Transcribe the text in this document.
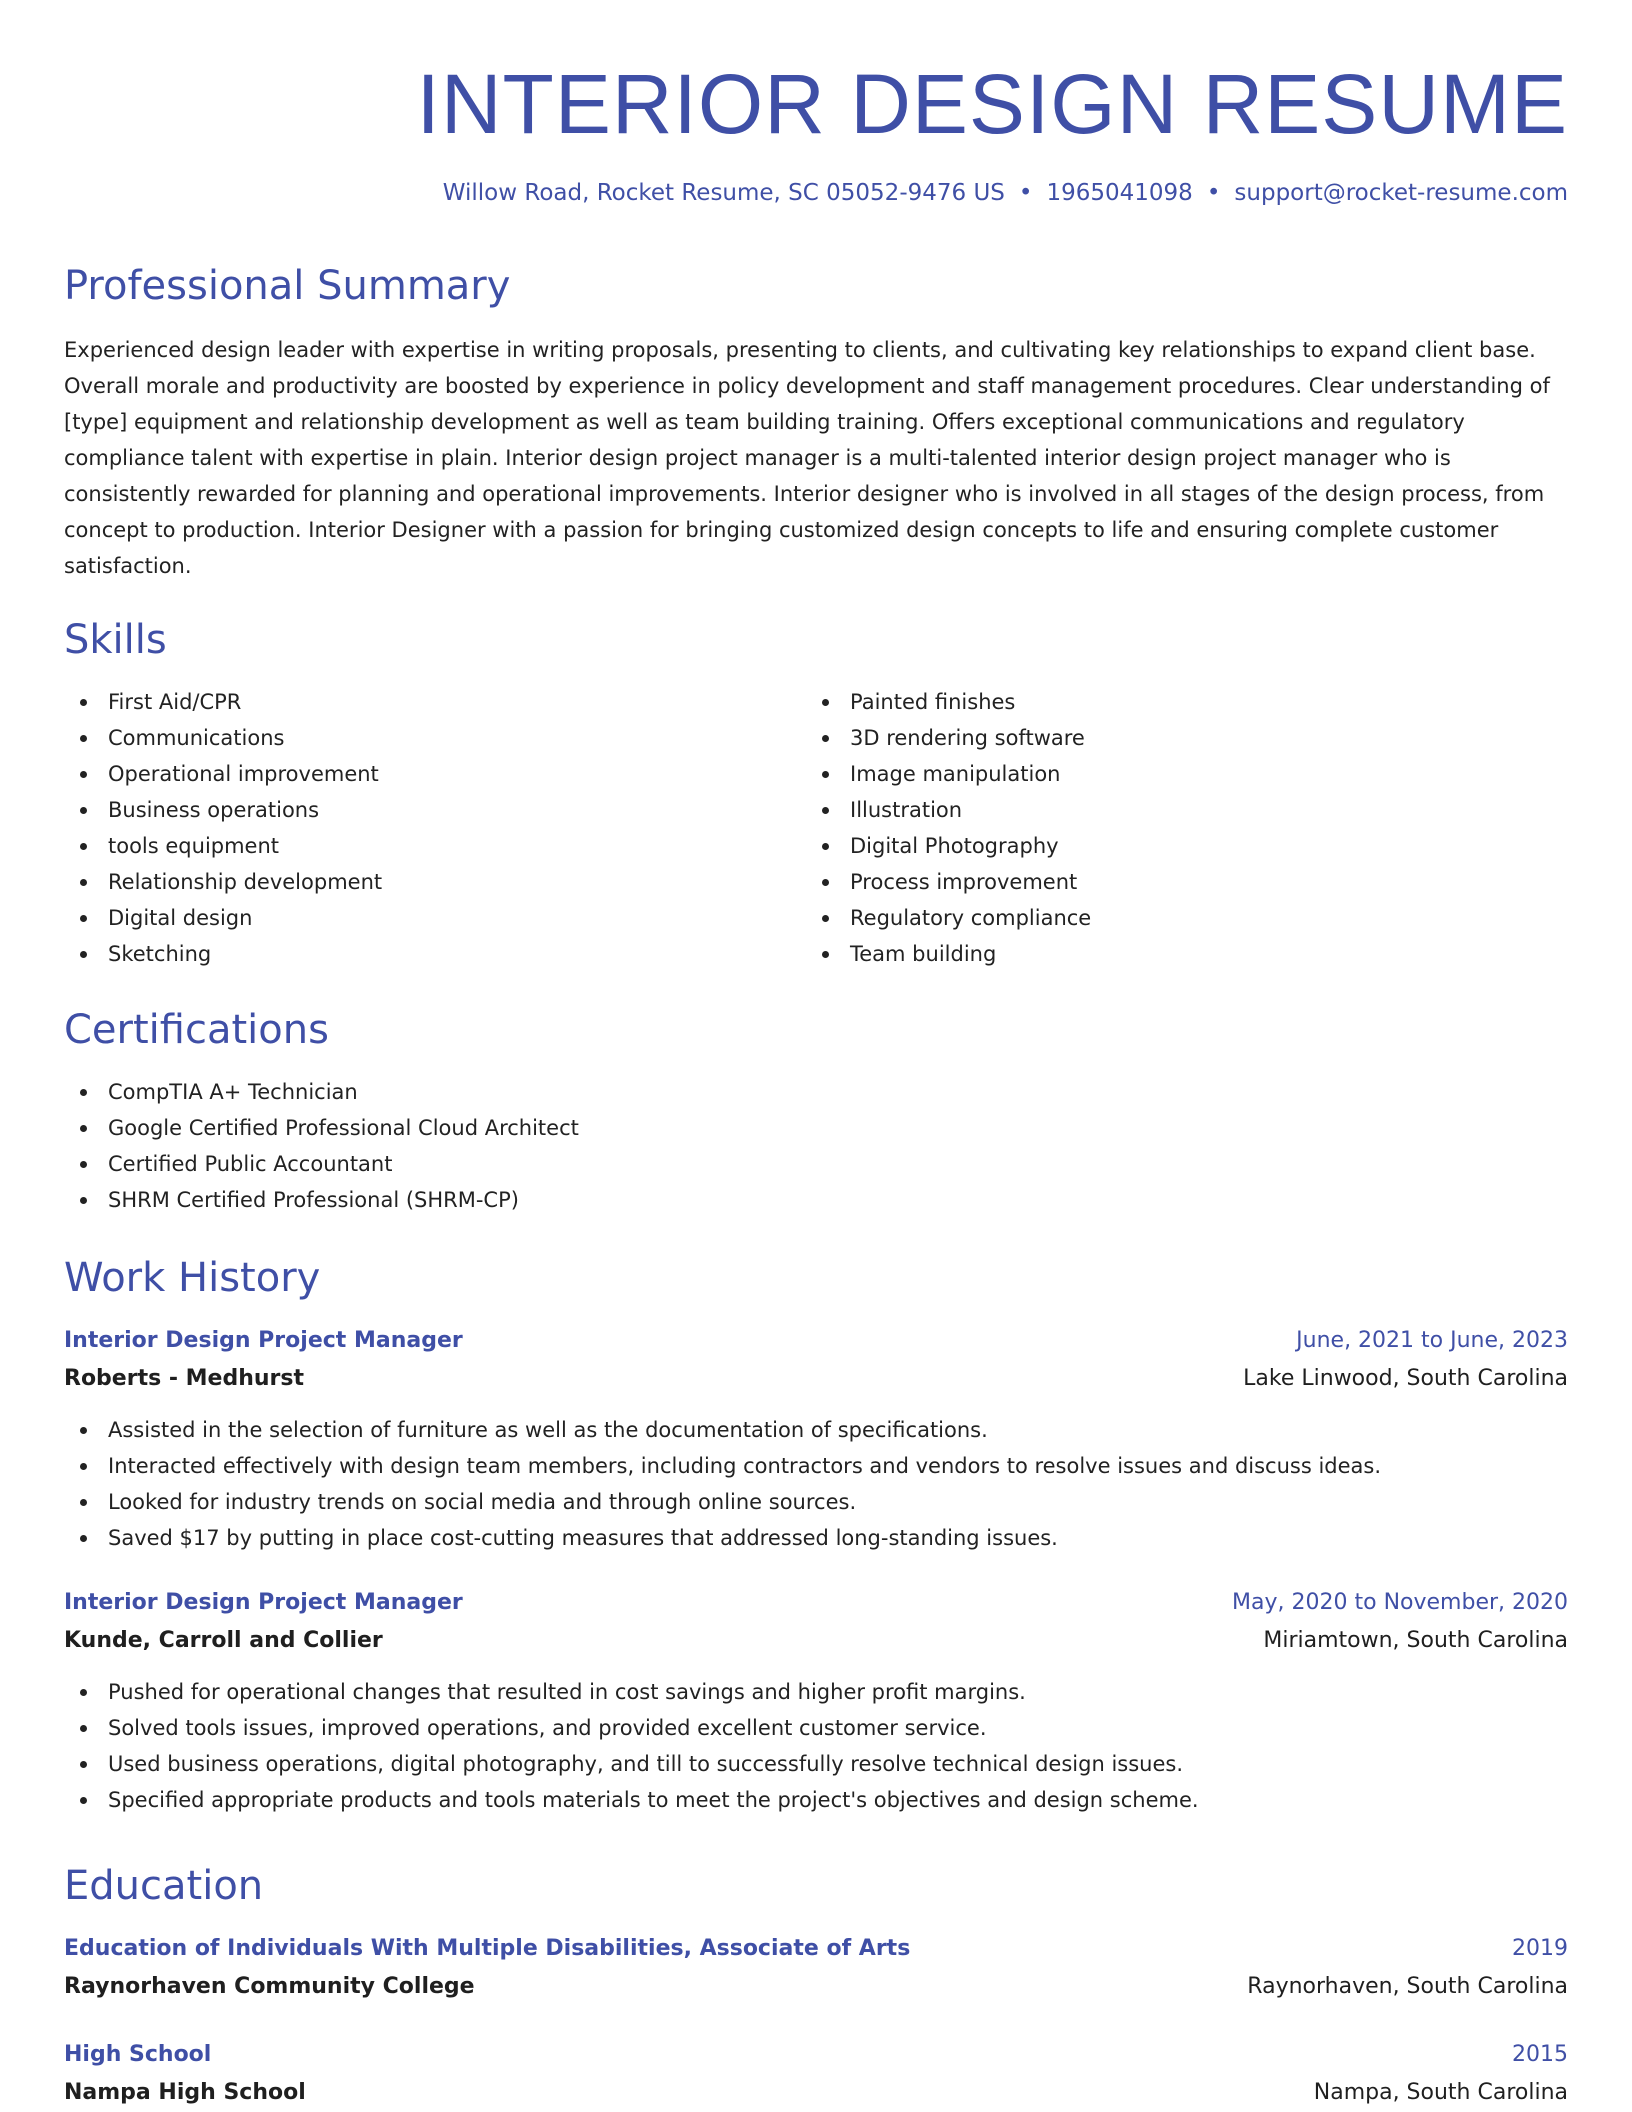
INTERIOR DESIGN RESUME
Willow Road, Rocket Resume, SC 05052-9476 US • 1965041098 • support@rocket-resume.com
Professional Summary

Experienced design leader with expertise in writing proposals, presenting to clients, and cultivating key relationships to expand client base. Overall morale and productivity are boosted by experience in policy development and staff management procedures. Clear understanding of [type] equipment and relationship development as well as team building training. Offers exceptional communications and regulatory compliance talent with expertise in plain. Interior design project manager is a multi-talented interior design project manager who is consistently rewarded for planning and operational improvements. Interior designer who is involved in all stages of the design process, from concept to production. Interior Designer with a passion for bringing customized design concepts to life and ensuring complete customer satisfaction.

Skills
First Aid/CPR
Communications
Operational improvement
Business operations
tools equipment
Relationship development
Digital design
Sketching
Painted finishes
3D rendering software
Image manipulation
Illustration
Digital Photography
Process improvement
Regulatory compliance
Team building
Certifications
CompTIA A+ Technician
Google Certified Professional Cloud Architect
Certified Public Accountant
SHRM Certified Professional (SHRM-CP)
Work History
Interior Design Project Manager	June, 2021 to June, 2023
Roberts - Medhurst	Lake Linwood, South Carolina
Assisted in the selection of furniture as well as the documentation of specifications.
Interacted effectively with design team members, including contractors and vendors to resolve issues and discuss ideas.
Looked for industry trends on social media and through online sources.
Saved $17 by putting in place cost-cutting measures that addressed long-standing issues.
Interior Design Project Manager	May, 2020 to November, 2020
Kunde, Carroll and Collier	Miriamtown, South Carolina
Pushed for operational changes that resulted in cost savings and higher profit margins.
Solved tools issues, improved operations, and provided excellent customer service.
Used business operations, digital photography, and till to successfully resolve technical design issues.
Specified appropriate products and tools materials to meet the project's objectives and design scheme.
Education
Education of Individuals With Multiple Disabilities, Associate of Arts	2019
Raynorhaven Community College	Raynorhaven, South Carolina
High School	2015
Nampa High School	Nampa, South Carolina
